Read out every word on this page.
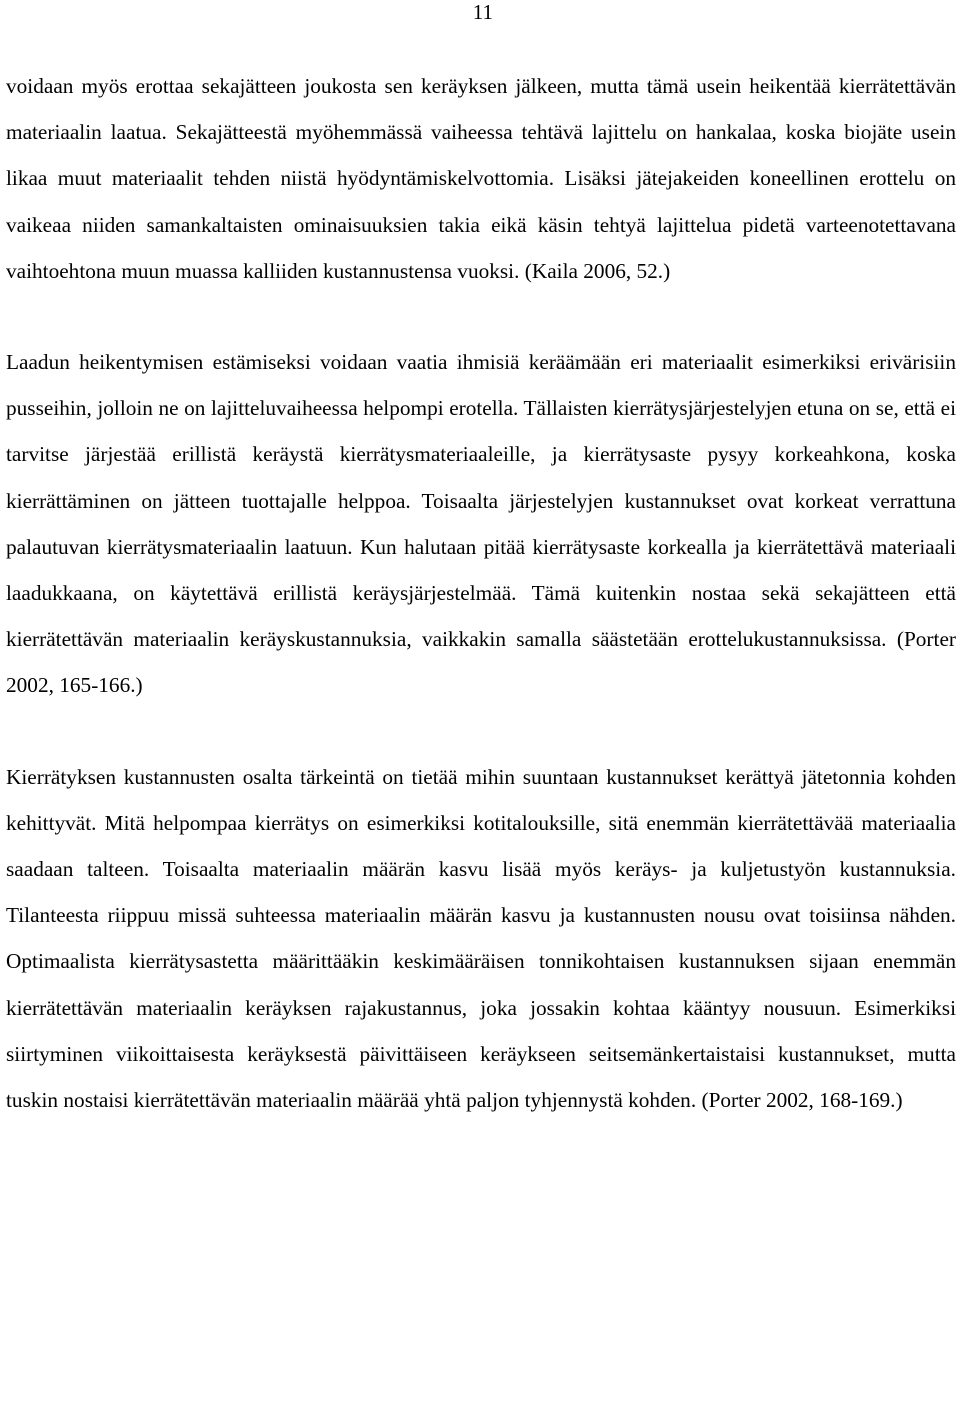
11

voidaan myös erottaa sekajätteen joukosta sen keräyksen jälkeen, mutta tämä usein heikentää kierrätettävän materiaalin laatua. Sekajätteestä myöhemmässä vaiheessa tehtävä lajittelu on hankalaa, koska biojäte usein likaa muut materiaalit tehden niistä hyödyntämiskelvottomia. Lisäksi jätejakeiden koneellinen erottelu on vaikeaa niiden samankaltaisten ominaisuuksien takia eikä käsin tehtyä lajittelua pidetä varteenotettavana vaihtoehtona muun muassa kalliiden kustannustensa vuoksi. (Kaila 2006, 52.)

Laadun heikentymisen estämiseksi voidaan vaatia ihmisiä keräämään eri materiaalit esimerkiksi erivärisiin pusseihin, jolloin ne on lajitteluvaiheessa helpompi erotella. Tällaisten kierrätysjärjestelyjen etuna on se, että ei tarvitse järjestää erillistä keräystä kierrätysmateriaaleille, ja kierrätysaste pysyy korkeahkona, koska kierrättäminen on jätteen tuottajalle helppoa. Toisaalta järjestelyjen kustannukset ovat korkeat verrattuna palautuvan kierrätysmateriaalin laatuun. Kun halutaan pitää kierrätysaste korkealla ja kierrätettävä materiaali laadukkaana, on käytettävä erillistä keräysjärjestelmää. Tämä kuitenkin nostaa sekä sekajätteen että kierrätettävän materiaalin keräyskustannuksia, vaikkakin samalla säästetään erottelukustannuksissa. (Porter 2002, 165-166.)

Kierrätyksen kustannusten osalta tärkeintä on tietää mihin suuntaan kustannukset kerättyä jätetonnia kohden kehittyvät. Mitä helpompaa kierrätys on esimerkiksi kotitalouksille, sitä enemmän kierrätettävää materiaalia saadaan talteen. Toisaalta materiaalin määrän kasvu lisää myös keräys- ja kuljetustyön kustannuksia. Tilanteesta riippuu missä suhteessa materiaalin määrän kasvu ja kustannusten nousu ovat toisiinsa nähden. Optimaalista kierrätysastetta määrittääkin keskimääräisen tonnikohtaisen kustannuksen sijaan enemmän kierrätettävän materiaalin keräyksen rajakustannus, joka jossakin kohtaa kääntyy nousuun. Esimerkiksi siirtyminen viikoittaisesta keräyksestä päivittäiseen keräykseen seitsemänkertaistaisi kustannukset, mutta tuskin nostaisi kierrätettävän materiaalin määrää yhtä paljon tyhjennystä kohden. (Porter 2002, 168-169.)
